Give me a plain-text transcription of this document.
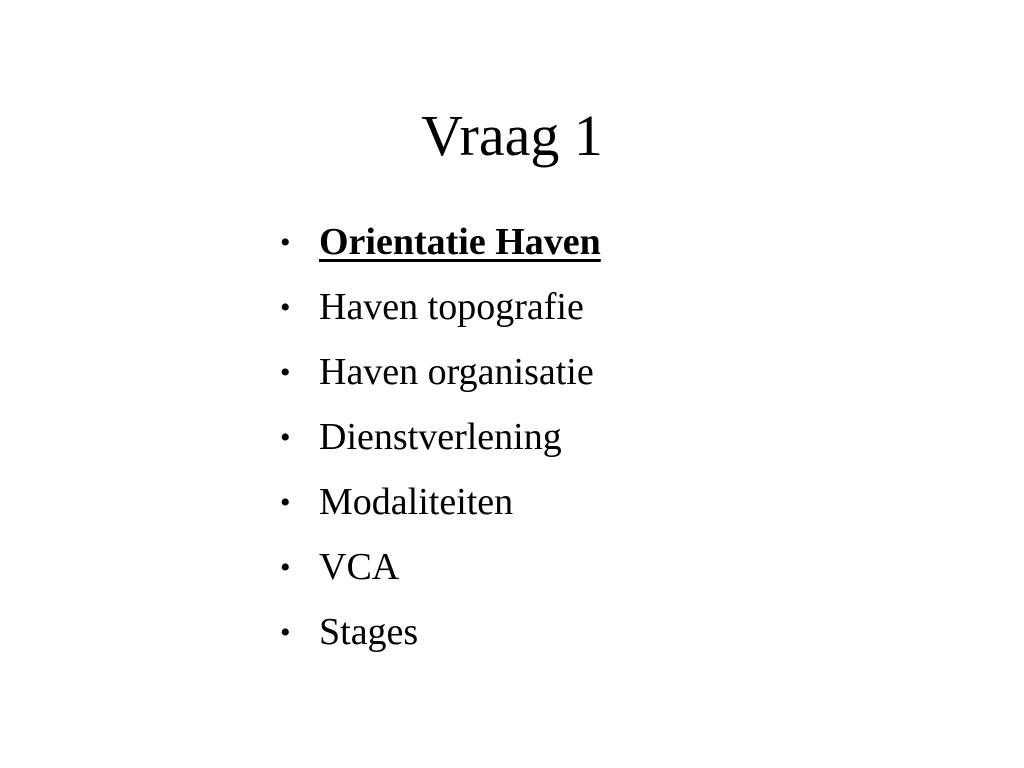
Vraag 1
• Orientatie Haven
• Haven topografie
• Haven organisatie
• Dienstverlening
• Modaliteiten
• VCA
• Stages
